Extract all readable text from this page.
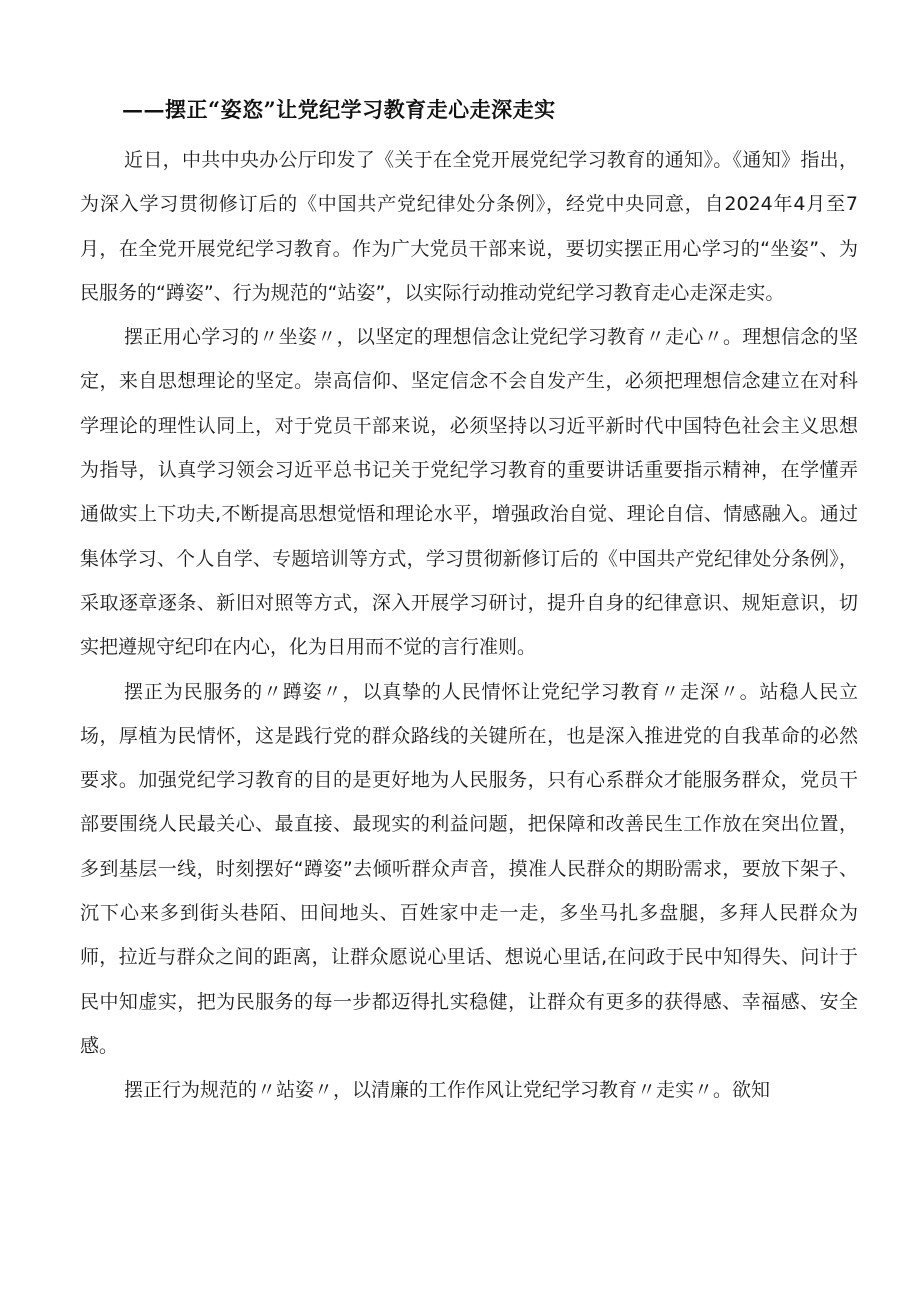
——摆正“姿恣”让党纪学习教育走心走深走实

近日，中共中央办公厅印发了《关于在全党开展党纪学习教育的通知》。《通知》指出，为深入学习贯彻修订后的《中国共产党纪律处分条例》，经党中央同意，自2024年4月至7月，在全党开展党纪学习教育。作为广大党员干部来说，要切实摆正用心学习的“坐姿”、为民服务的“蹲姿”、行为规范的“站姿”，以实际行动推动党纪学习教育走心走深走实。

摆正用心学习的〃坐姿〃，以坚定的理想信念让党纪学习教育〃走心〃。理想信念的坚定，来自思想理论的坚定。崇高信仰、坚定信念不会自发产生，必须把理想信念建立在对科学理论的理性认同上，对于党员干部来说，必须坚持以习近平新时代中国特色社会主义思想为指导，认真学习领会习近平总书记关于党纪学习教育的重要讲话重要指示精神，在学懂弄通做实上下功夫,不断提高思想觉悟和理论水平，增强政治自觉、理论自信、情感融入。通过集体学习、个人自学、专题培训等方式，学习贯彻新修订后的《中国共产党纪律处分条例》，采取逐章逐条、新旧对照等方式，深入开展学习研讨，提升自身的纪律意识、规矩意识，切实把遵规守纪印在内心，化为日用而不觉的言行准则。

摆正为民服务的〃蹲姿〃，以真挚的人民情怀让党纪学习教育〃走深〃。站稳人民立场，厚植为民情怀，这是践行党的群众路线的关键所在，也是深入推进党的自我革命的必然要求。加强党纪学习教育的目的是更好地为人民服务，只有心系群众才能服务群众，党员干部要围绕人民最关心、最直接、最现实的利益问题，把保障和改善民生工作放在突出位置，多到基层一线，时刻摆好“蹲姿”去倾听群众声音，摸准人民群众的期盼需求，要放下架子、沉下心来多到街头巷陌、田间地头、百姓家中走一走，多坐马扎多盘腿，多拜人民群众为师，拉近与群众之间的距离，让群众愿说心里话、想说心里话,在问政于民中知得失、问计于民中知虚实，把为民服务的每一步都迈得扎实稳健，让群众有更多的获得感、幸福感、安全感。

摆正行为规范的〃站姿〃，以清廉的工作作风让党纪学习教育〃走实〃。欲知
